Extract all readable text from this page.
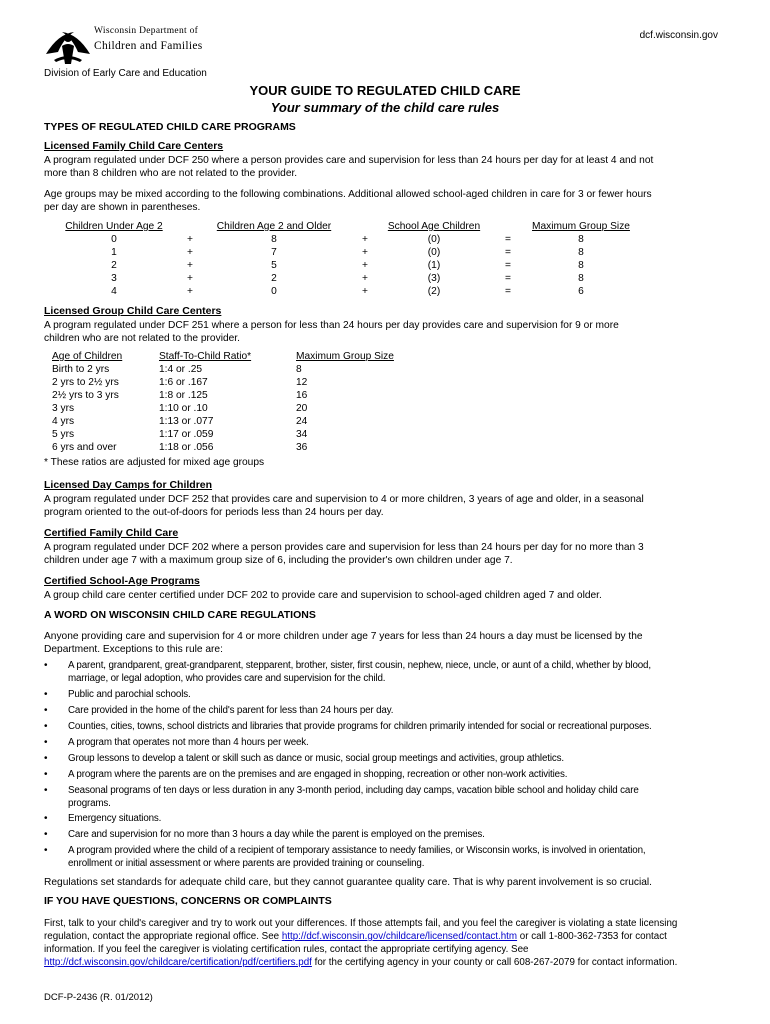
Wisconsin Department of
Children and Families
dcf.wisconsin.gov
Division of Early Care and Education
YOUR GUIDE TO REGULATED CHILD CARE
Your summary of the child care rules
TYPES OF REGULATED CHILD CARE PROGRAMS
Licensed Family Child Care Centers
A program regulated under DCF 250 where a person provides care and supervision for less than 24 hours per day for at least 4 and not
more than 8 children who are not related to the provider.
Age groups may be mixed according to the following combinations. Additional allowed school-aged children in care for 3 or fewer hours
per day are shown in parentheses.
Children Under Age 2	Children Age 2 and Older	School Age Children	Maximum Group Size
0	+	8	+	(0)	=	8
1	+	7	+	(0)	=	8
2	+	5	+	(1)	=	8
3	+	2	+	(3)	=	8
4	+	0	+	(2)	=	6
Licensed Group Child Care Centers
A program regulated under DCF 251 where a person for less than 24 hours per day provides care and supervision for 9 or more
children who are not related to the provider.
Age of Children	Staff-To-Child Ratio*	Maximum Group Size
Birth to 2 yrs	1:4 or .25	8
2 yrs to 2½ yrs	1:6 or .167	12
2½ yrs to 3 yrs	1:8 or .125	16
3 yrs	1:10 or .10	20
4 yrs	1:13 or .077	24
5 yrs	1:17 or .059	34
6 yrs and over	1:18 or .056	36
* These ratios are adjusted for mixed age groups
Licensed Day Camps for Children
A program regulated under DCF 252 that provides care and supervision to 4 or more children, 3 years of age and older, in a seasonal
program oriented to the out-of-doors for periods less than 24 hours per day.
Certified Family Child Care
A program regulated under DCF 202 where a person provides care and supervision for less than 24 hours per day for no more than 3
children under age 7 with a maximum group size of 6, including the provider's own children under age 7.
Certified School-Age Programs
A group child care center certified under DCF 202 to provide care and supervision to school-aged children aged 7 and older.
A WORD ON WISCONSIN CHILD CARE REGULATIONS
Anyone providing care and supervision for 4 or more children under age 7 years for less than 24 hours a day must be licensed by the
Department. Exceptions to this rule are:
• A parent, grandparent, great-grandparent, stepparent, brother, sister, first cousin, nephew, niece, uncle, or aunt of a child, whether by blood,
marriage, or legal adoption, who provides care and supervision for the child.
• Public and parochial schools.
• Care provided in the home of the child's parent for less than 24 hours per day.
• Counties, cities, towns, school districts and libraries that provide programs for children primarily intended for social or recreational purposes.
• A program that operates not more than 4 hours per week.
• Group lessons to develop a talent or skill such as dance or music, social group meetings and activities, group athletics.
• A program where the parents are on the premises and are engaged in shopping, recreation or other non-work activities.
• Seasonal programs of ten days or less duration in any 3-month period, including day camps, vacation bible school and holiday child care
programs.
• Emergency situations.
• Care and supervision for no more than 3 hours a day while the parent is employed on the premises.
• A program provided where the child of a recipient of temporary assistance to needy families, or Wisconsin works, is involved in orientation,
enrollment or initial assessment or where parents are provided training or counseling.
Regulations set standards for adequate child care, but they cannot guarantee quality care. That is why parent involvement is so crucial.
IF YOU HAVE QUESTIONS, CONCERNS OR COMPLAINTS
First, talk to your child's caregiver and try to work out your differences. If those attempts fail, and you feel the caregiver is violating a state licensing
regulation, contact the appropriate regional office. See http://dcf.wisconsin.gov/childcare/licensed/contact.htm or call 1-800-362-7353 for contact
information. If you feel the caregiver is violating certification rules, contact the appropriate certifying agency. See
http://dcf.wisconsin.gov/childcare/certification/pdf/certifiers.pdf for the certifying agency in your county or call 608-267-2079 for contact information.
DCF-P-2436 (R. 01/2012)
